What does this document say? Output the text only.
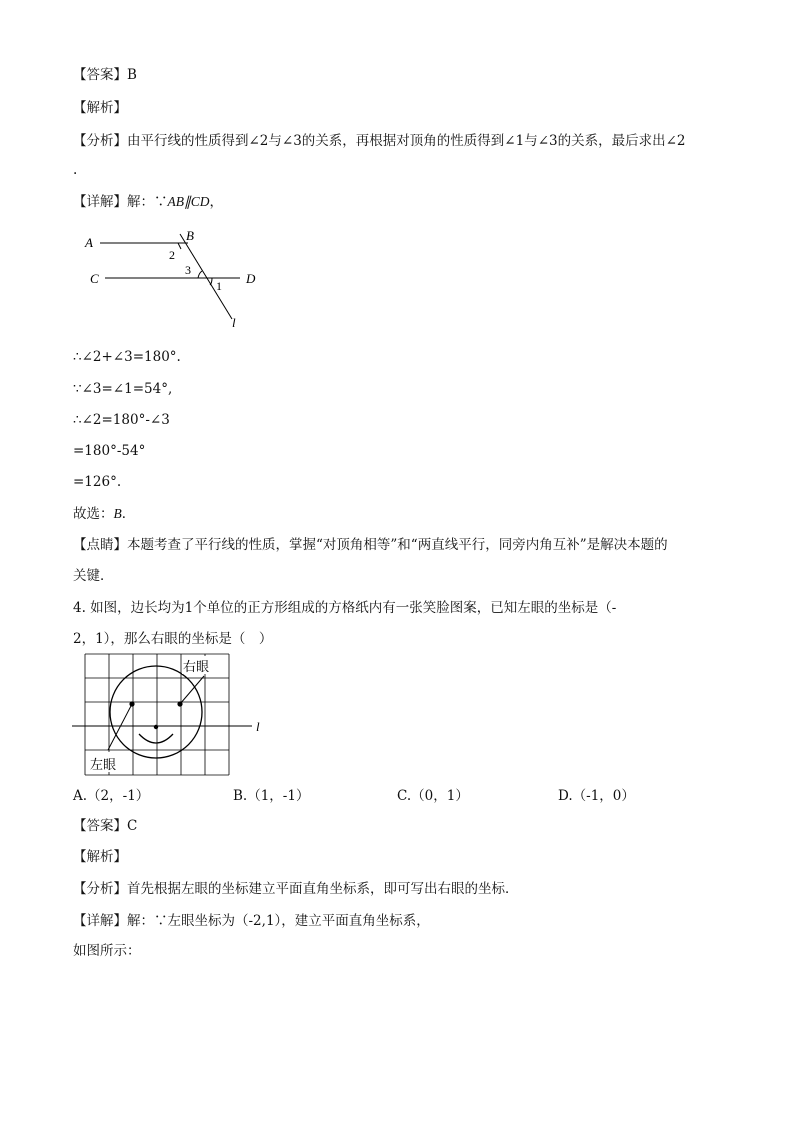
【答案】B
【解析】
【分析】由平行线的性质得到∠2与∠3的关系，再根据对顶角的性质得到∠1与∠3的关系，最后求出∠2
.
【详解】解：∵AB∥CD，
A	B
C	D
l
2
3
1
∴∠2+∠3=180°.
∵∠3=∠1=54°,
∴∠2=180°-∠3
=180°-54°
=126°.
故选：B．
【点睛】本题考查了平行线的性质，掌握“对顶角相等”和“两直线平行，同旁内角互补”是解决本题的
关键．
4. 如图，边长均为1个单位的正方形组成的方格纸内有一张笑脸图案，已知左眼的坐标是（-
2，1），那么右眼的坐标是（　）
右眼
左眼
l
A.（2，-1）	B.（1，-1）	C.（0，1）	D.（-1，0）
【答案】C
【解析】
【分析】首先根据左眼的坐标建立平面直角坐标系，即可写出右眼的坐标．
【详解】解：∵左眼坐标为（-2,1），建立平面直角坐标系，
如图所示：
